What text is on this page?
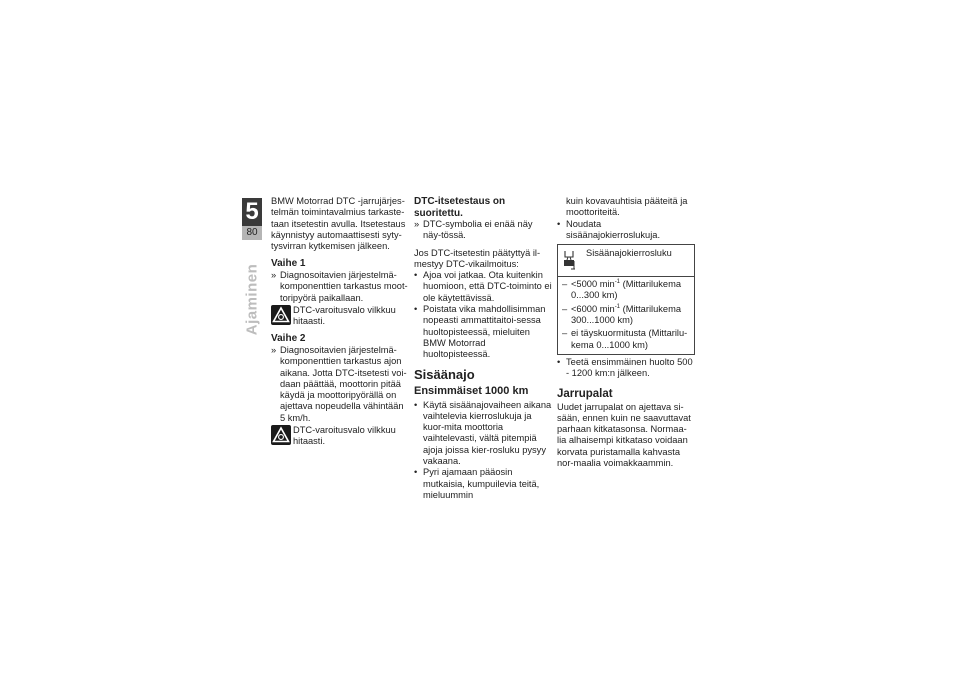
5
80
Ajaminen

BMW Motorrad DTC -jarrujärjes-telmän toimintavalmius tarkaste-taan itsetestin avulla. Itsetestaus käynnistyy automaattisesti syty-tysvirran kytkemisen jälkeen.

Vaihe 1

» Diagnosoitavien järjestelmä-komponenttien tarkastus moot-toripyörä paikallaan.
DTC-varoitusvalo vilkkuu hitaasti.

Vaihe 2

» Diagnosoitavien järjestelmä-komponenttien tarkastus ajon aikana. Jotta DTC-itsetesti voi-daan päättää, moottorin pitää käydä ja moottoripyörällä on ajettava nopeudella vähintään 5 km/h.
DTC-varoitusvalo vilkkuu hitaasti.

DTC-itsetestaus on suoritettu.

» DTC-symbolia ei enää näy näy-tössä.

Jos DTC-itsetestin päätyttyä il-mestyy DTC-vikailmoitus:

• Ajoa voi jatkaa. Ota kuitenkin huomioon, että DTC-toiminto ei ole käytettävissä.
• Poistata vika mahdollisimman nopeasti ammattitaitoi-sessa huoltopisteessä, mieluiten BMW Motorrad huoltopisteessä.

Sisäänajo

Ensimmäiset 1000 km

• Käytä sisäänajovaiheen aikana vaihtelevia kierroslukuja ja kuor-mita moottoria vaihtelevasti, vältä pitempiä ajoja joissa kier-rosluku pysyy vakaana.
• Pyri ajamaan pääosin mutkaisia, kumpuilevia teitä, mieluummin

kuin kovavauhtisia pääteitä ja moottoriteitä.

• Noudata sisäänajokierroslukuja.
Sisäänajokierrosluku
– <5000 $\min^{-1}$ (Mittarilukema 0...300 km)
– <6000 $\min^{-1}$ (Mittarilukema 300...1000 km)
– ei täyskuormitusta (Mittarilu-kema 0...1000 km)
• Teetä ensimmäinen huolto 500 - 1200 km:n jälkeen.

Jarrupalat

Uudet jarrupalat on ajettava si-sään, ennen kuin ne saavuttavat parhaan kitkatasonsa. Normaa-lia alhaisempi kitkataso voidaan korvata puristamalla kahvasta nor-maalia voimakkaammin.
